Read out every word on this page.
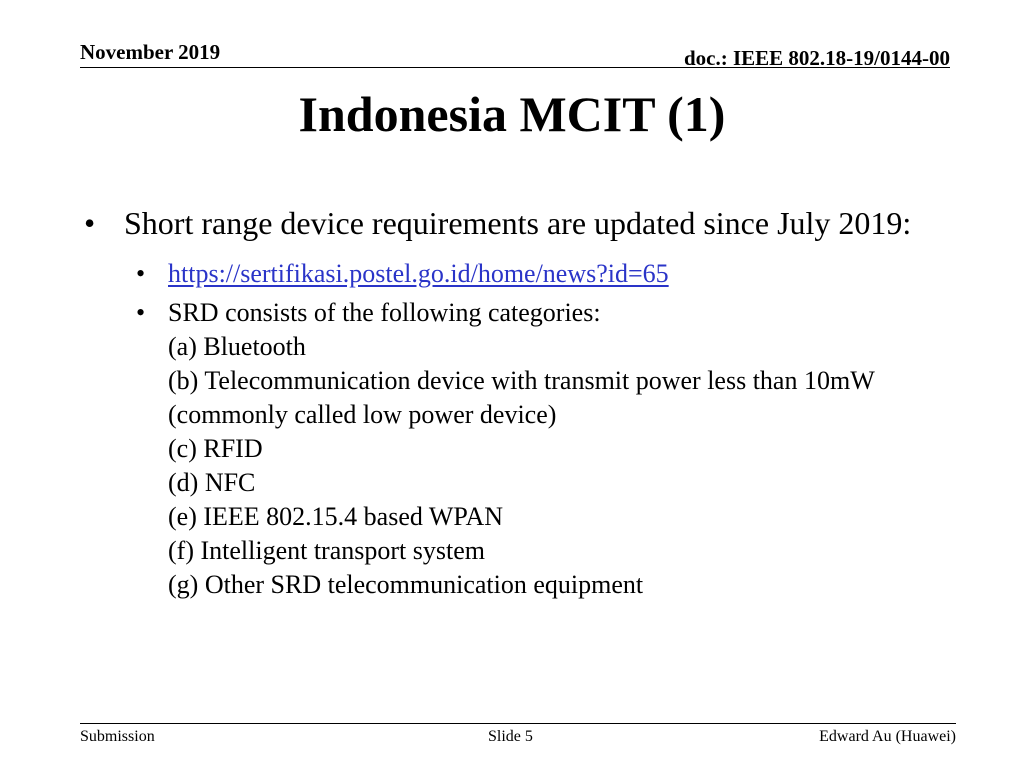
November 2019	doc.: IEEE 802.18-19/0144-00
Indonesia MCIT (1)
• Short range device requirements are updated since July 2019:
• https://sertifikasi.postel.go.id/home/news?id=65
• SRD consists of the following categories:
(a) Bluetooth
(b) Telecommunication device with transmit power less than 10mW (commonly called low power device)
(c) RFID
(d) NFC
(e) IEEE 802.15.4 based WPAN
(f) Intelligent transport system
(g) Other SRD telecommunication equipment
Submission	Slide 5	Edward Au (Huawei)
